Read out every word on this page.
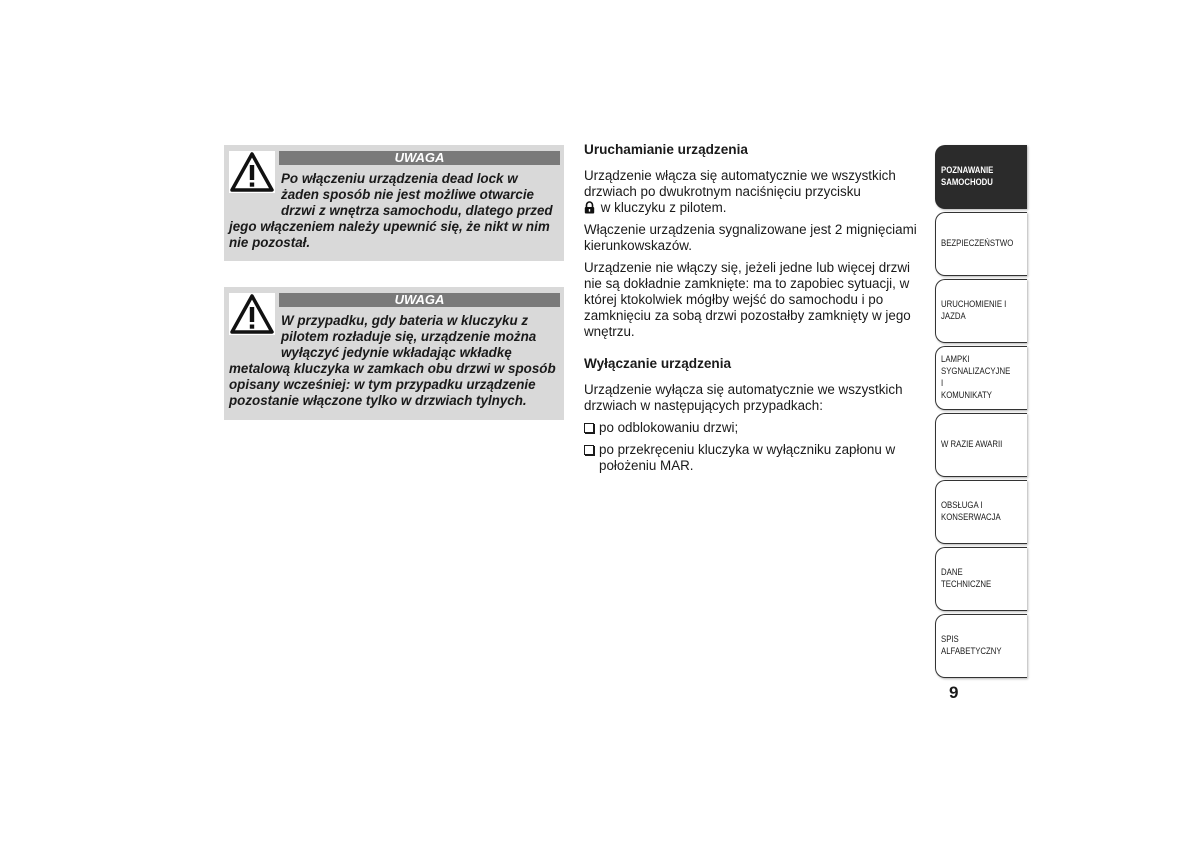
UWAGA
Po włączeniu urządzenia dead lock w żaden sposób nie jest możliwe otwarcie drzwi z wnętrza samochodu, dlatego przed jego włączeniem należy upewnić się, że nikt w nim nie pozostał.
UWAGA
W przypadku, gdy bateria w kluczyku z pilotem rozładuje się, urządzenie można wyłączyć jedynie wkładając wkładkę metalową kluczyka w zamkach obu drzwi w sposób opisany wcześniej: w tym przypadku urządzenie pozostanie włączone tylko w drzwiach tylnych.
Uruchamianie urządzenia

Urządzenie włącza się automatycznie we wszystkich drzwiach po dwukrotnym naciśnięciu przycisku
w kluczyku z pilotem.

Włączenie urządzenia sygnalizowane jest 2 mignięciami kierunkowskazów.

Urządzenie nie włączy się, jeżeli jedne lub więcej drzwi nie są dokładnie zamknięte: ma to zapobiec sytuacji, w której ktokolwiek mógłby wejść do samochodu i po zamknięciu za sobą drzwi pozostałby zamknięty w jego wnętrzu.

Wyłączanie urządzenia

Urządzenie wyłącza się automatycznie we wszystkich drzwiach w następujących przypadkach:

po odblokowaniu drzwi;
po przekręceniu kluczyka w wyłączniku zapłonu w położeniu MAR.
POZNAWANIE
SAMOCHODU
BEZPIECZEŃSTWO
URUCHOMIENIE I
JAZDA
LAMPKI
SYGNALIZACYJNE I
KOMUNIKATY
W RAZIE AWARII
OBSŁUGA I
KONSERWACJA
DANE TECHNICZNE
SPIS ALFABETYCZNY
9
